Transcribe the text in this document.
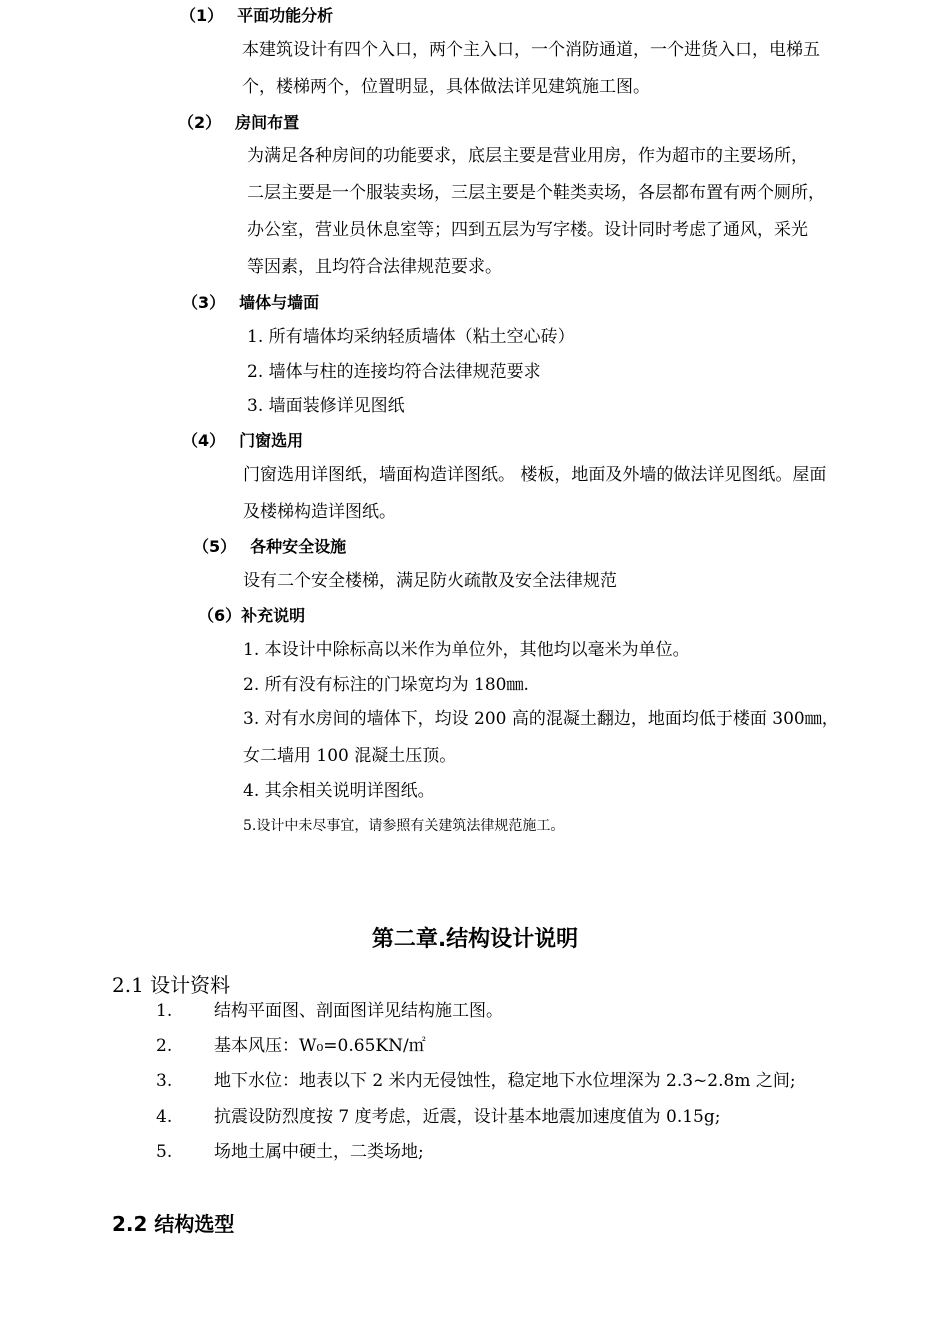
（1） 平面功能分析
本建筑设计有四个入口，两个主入口，一个消防通道，一个进货入口，电梯五
个，楼梯两个，位置明显，具体做法详见建筑施工图。
（2） 房间布置
为满足各种房间的功能要求，底层主要是营业用房，作为超市的主要场所，
二层主要是一个服装卖场，三层主要是个鞋类卖场，各层都布置有两个厕所，
办公室，营业员休息室等；四到五层为写字楼。设计同时考虑了通风，采光
等因素，且均符合法律规范要求。
（3） 墙体与墙面
1. 所有墙体均采纳轻质墙体（粘土空心砖）
2. 墙体与柱的连接均符合法律规范要求
3. 墙面装修详见图纸
（4） 门窗选用
门窗选用详图纸，墙面构造详图纸。 楼板，地面及外墙的做法详见图纸。屋面
及楼梯构造详图纸。
（5） 各种安全设施
设有二个安全楼梯，满足防火疏散及安全法律规范
（6）补充说明
1. 本设计中除标高以米作为单位外，其他均以毫米为单位。
2. 所有没有标注的门垛宽均为 180㎜.
3. 对有水房间的墙体下，均设 200 高的混凝土翻边，地面均低于楼面 300㎜，
女二墙用 100 混凝土压顶。
4. 其余相关说明详图纸。
5.设计中未尽事宜，请参照有关建筑法律规范施工。
第二章.结构设计说明
2.1 设计资料
1. 结构平面图、剖面图详见结构施工图。
2. 基本风压：W₀=0.65KN/㎡
3. 地下水位：地表以下 2 米内无侵蚀性，稳定地下水位埋深为 2.3~2.8m 之间;
4. 抗震设防烈度按 7 度考虑，近震，设计基本地震加速度值为 0.15g;
5. 场地土属中硬土，二类场地;
2.2 结构选型
